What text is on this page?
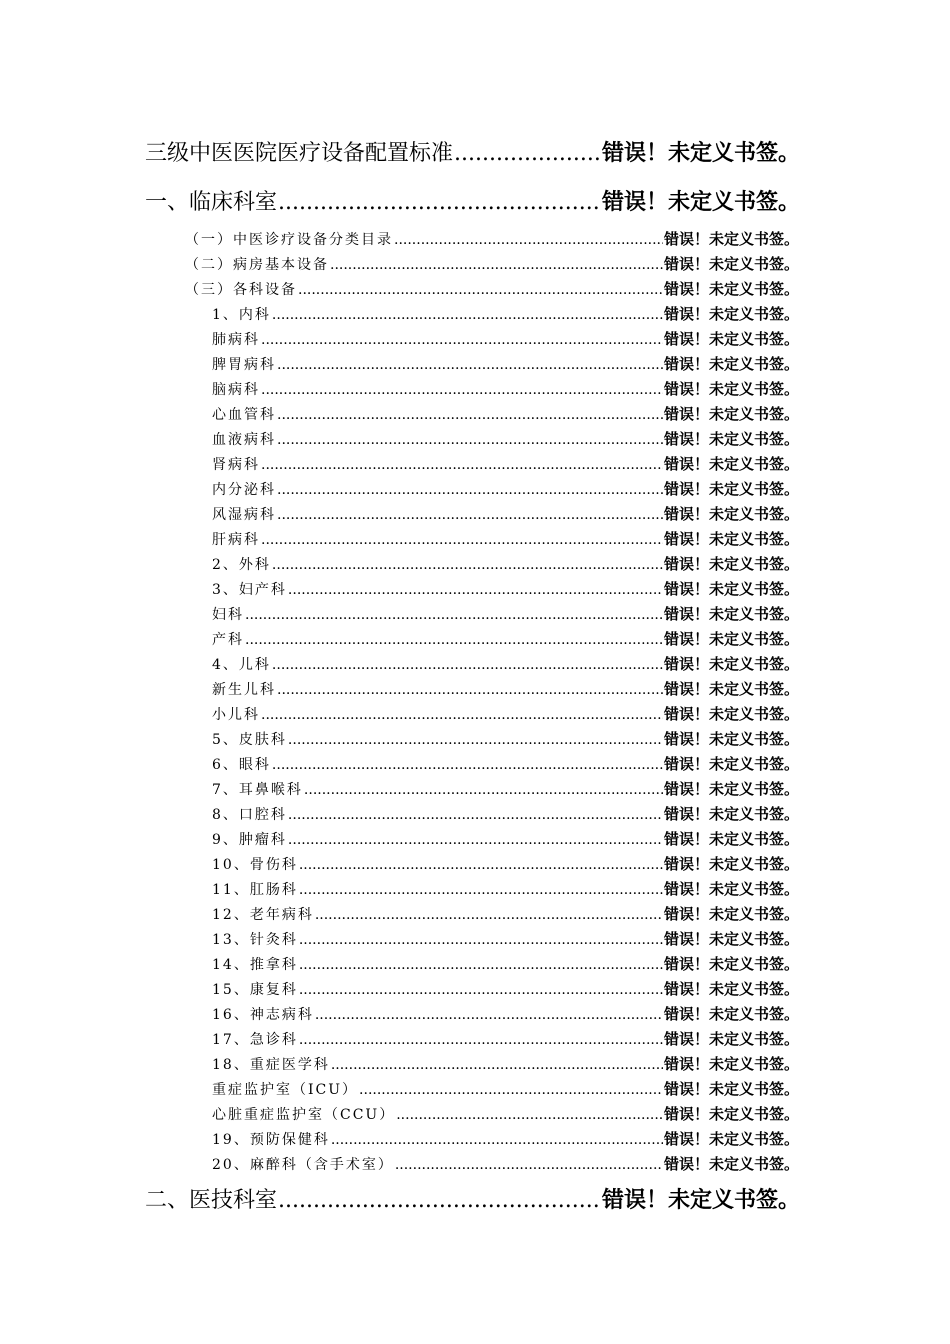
三级中医医院医疗设备配置标准 .....	错误！未定义书签。
一、临床科室 .....	错误！未定义书签。
（一）中医诊疗设备分类目录 .....	错误！未定义书签。
（二）病房基本设备 .....	错误！未定义书签。
（三）各科设备 .....	错误！未定义书签。
1、内科 .....	错误！未定义书签。
肺病科 .....	错误！未定义书签。
脾胃病科 .....	错误！未定义书签。
脑病科 .....	错误！未定义书签。
心血管科 .....	错误！未定义书签。
血液病科 .....	错误！未定义书签。
肾病科 .....	错误！未定义书签。
内分泌科 .....	错误！未定义书签。
风湿病科 .....	错误！未定义书签。
肝病科 .....	错误！未定义书签。
2、外科 .....	错误！未定义书签。
3、妇产科 .....	错误！未定义书签。
妇科 .....	错误！未定义书签。
产科 .....	错误！未定义书签。
4、儿科 .....	错误！未定义书签。
新生儿科 .....	错误！未定义书签。
小儿科 .....	错误！未定义书签。
5、皮肤科 .....	错误！未定义书签。
6、眼科 .....	错误！未定义书签。
7、耳鼻喉科 .....	错误！未定义书签。
8、口腔科 .....	错误！未定义书签。
9、肿瘤科 .....	错误！未定义书签。
10、骨伤科 .....	错误！未定义书签。
11、肛肠科 .....	错误！未定义书签。
12、老年病科 .....	错误！未定义书签。
13、针灸科 .....	错误！未定义书签。
14、推拿科 .....	错误！未定义书签。
15、康复科 .....	错误！未定义书签。
16、神志病科 .....	错误！未定义书签。
17、急诊科 .....	错误！未定义书签。
18、重症医学科 .....	错误！未定义书签。
重症监护室（ICU） .....	错误！未定义书签。
心脏重症监护室（CCU） .....	错误！未定义书签。
19、预防保健科 .....	错误！未定义书签。
20、麻醉科（含手术室） .....	错误！未定义书签。
二、医技科室 .....	错误！未定义书签。
